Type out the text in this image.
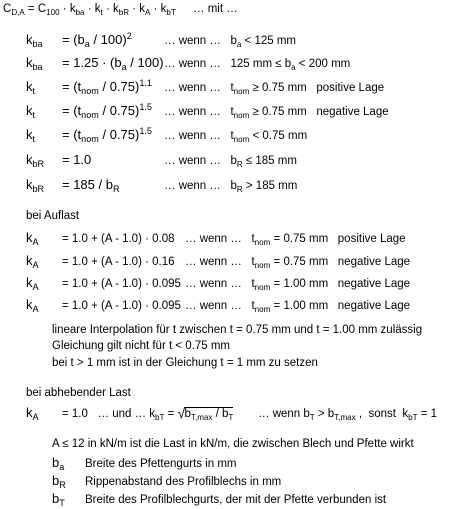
$C_{D,A} = C_{100} \cdot k_{ba} \cdot k_t \cdot k_{bR} \cdot k_A \cdot k_{bT}$ … mit …
$k_{ba} = (b_a / 100)^2$	… wenn …   $b_a < 125$ mm
$k_{ba} = 1.25 \cdot (b_a / 100)$ … wenn …   125 mm ≤ $b_a < 200$ mm
$k_t = (t_{nom} / 0.75)^{1.1}$ … wenn …   $t_{nom} \ge 0.75$ mm   positive Lage
$k_t = (t_{nom} / 0.75)^{1.5}$ … wenn …   $t_{nom} \ge 0.75$ mm   negative Lage
$k_t = (t_{nom} / 0.75)^{1.5}$ … wenn …   $t_{nom} < 0.75$ mm
$k_{bR} = 1.0$	… wenn …   $b_R \le 185$ mm
$k_{bR} = 185 / b_R$	… wenn …   $b_R > 185$ mm
bei Auflast
$k_A = 1.0 + (A - 1.0) \cdot 0.08$ … wenn …   $t_{nom} = 0.75$ mm positive Lage
$k_A = 1.0 + (A - 1.0) \cdot 0.16$ … wenn …   $t_{nom} = 0.75$ mm negative Lage
$k_A = 1.0 + (A - 1.0) \cdot 0.095$ … wenn …   $t_{nom} = 1.00$ mm negative Lage
$k_A = 1.0 + (A - 1.0) \cdot 0.095$ … wenn …   $t_{nom} = 1.00$ mm negative Lage
lineare Interpolation für t zwischen t = 0.75 mm und t = 1.00 mm zulässig
Gleichung gilt nicht für t < 0.75 mm
bei t > 1 mm ist in der Gleichung t = 1 mm zu setzen
bei abhebender Last
$k_A = 1.0$ … und … $k_{bT}$ = √ $b_{T,max} / b_T$ … wenn $b_T > b_{T,max}$ ,  sonst  $k_{bT} = 1$
A ≤ 12 in kN/m ist die Last in kN/m, die zwischen Blech und Pfette wirkt
$b_a$ Breite des Pfettengurts in mm
$b_R$ Rippenabstand des Profilblechs in mm
$b_T$ Breite des Profilblechgurts, der mit der Pfette verbunden ist
